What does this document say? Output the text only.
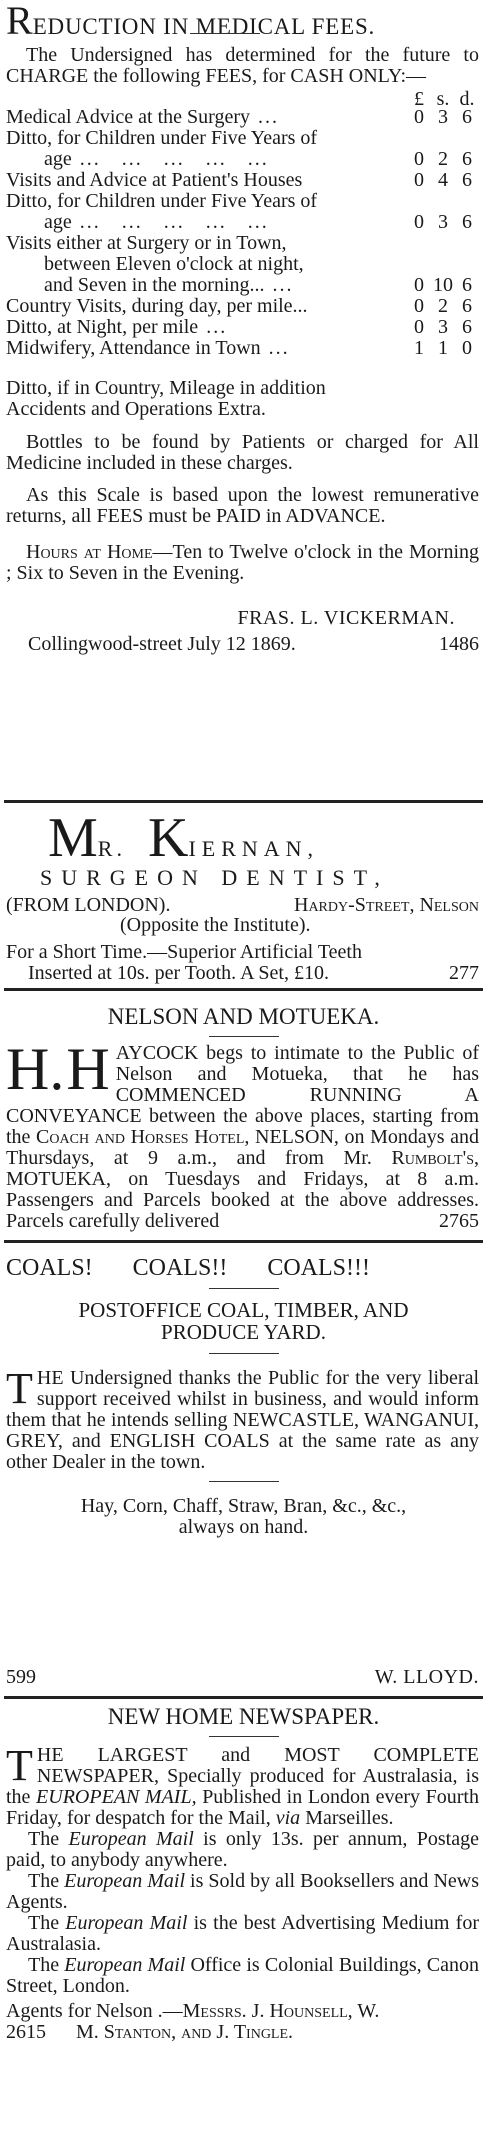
REDUCTION IN MEDICAL FEES.

The Undersigned has determined for the future to CHARGE the following FEES, for CASH ONLY:—

£ s. d.
Medical Advice at the Surgery ...	0 3 6
Ditto, for Children under Five Years of
age ...   ...   ...   ...   ...	0 2 6
Visits and Advice at Patient's Houses	0 4 6
Ditto, for Children under Five Years of
age ...   ...   ...   ...   ...	0 3 6
Visits either at Surgery or in Town,
between Eleven o'clock at night,
and Seven in the morning... ...	0 10 6
Country Visits, during day, per mile...	0 2 6
Ditto, at Night, per mile ...	0 3 6
Midwifery, Attendance in Town ...	1 1 0

Ditto, if in Country, Mileage in addition

Accidents and Operations Extra.

Bottles to be found by Patients or charged for All Medicine included in these charges.

As this Scale is based upon the lowest remunerative returns, all FEES must be PAID in ADVANCE.

Hours at Home—Ten to Twelve o'clock in the Morning ; Six to Seven in the Evening.

FRAS. L. VICKERMAN.

Collingwood-street July 12 1869.	1486

MR. KIERNAN,

SURGEON DENTIST,

(FROM LONDON).	Hardy-Street, Nelson

(Opposite the Institute).

For a Short Time.—Superior Artificial Teeth

Inserted at 10s. per Tooth. A Set, £10.	277

NELSON AND MOTUEKA.

H. H AYCOCK begs to intimate to the Public of Nelson and Motueka, that he has COMMENCED RUNNING A CONVEYANCE between the above places, starting from the Coach and Horses Hotel, NELSON, on Mondays and Thursdays, at 9 a.m., and from Mr. Rumbolt's, MOTUEKA, on Tuesdays and Fridays, at 8 a.m. Passengers and Parcels booked at the above addresses. Parcels carefully delivered	2765

COALS!  COALS!!  COALS!!!

POSTOFFICE COAL, TIMBER, AND PRODUCE YARD.

THE Undersigned thanks the Public for the very liberal support received whilst in business, and would inform them that he intends selling NEWCASTLE, WANGANUI, GREY, and ENGLISH COALS at the same rate as any other Dealer in the town.

Hay, Corn, Chaff, Straw, Bran, &c., &c., always on hand.

599	W. LLOYD.

NEW HOME NEWSPAPER.

THE LARGEST and MOST COMPLETE NEWSPAPER, Specially produced for Australasia, is the EUROPEAN MAIL, Published in London every Fourth Friday, for despatch for the Mail, via Marseilles.

The European Mail is only 13s. per annum, Postage paid, to anybody anywhere.

The European Mail is Sold by all Booksellers and News Agents.

The European Mail is the best Advertising Medium for Australasia.

The European Mail Office is Colonial Buildings, Canon Street, London.

Agents for Nelson .—Messrs. J. Hounsell, W.

2615 M. Stanton, and J. Tingle.
